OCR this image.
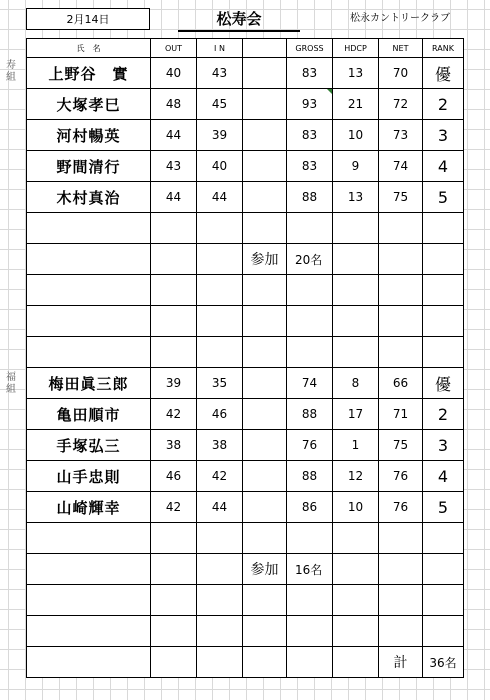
2月14日	松寿会	松永カントリークラブ
寿組
福組
氏　名	OUT	I N		GROSS	HDCP	NET	RANK
上野谷　實	40	43		83	13	70	優
大塚孝巳	48	45		93	21	72	2
河村暢英	44	39		83	10	73	3
野間清行	43	40		83	9	74	4
木村真治	44	44		88	13	75	5

			参加	20名			

梅田眞三郎	39	35		74	8	66	優
亀田順市	42	46		88	17	71	2
手塚弘三	38	38		76	1	75	3
山手忠則	46	42		88	12	76	4
山崎輝幸	42	44		86	10	76	5

			参加	16名			

						計	36名
